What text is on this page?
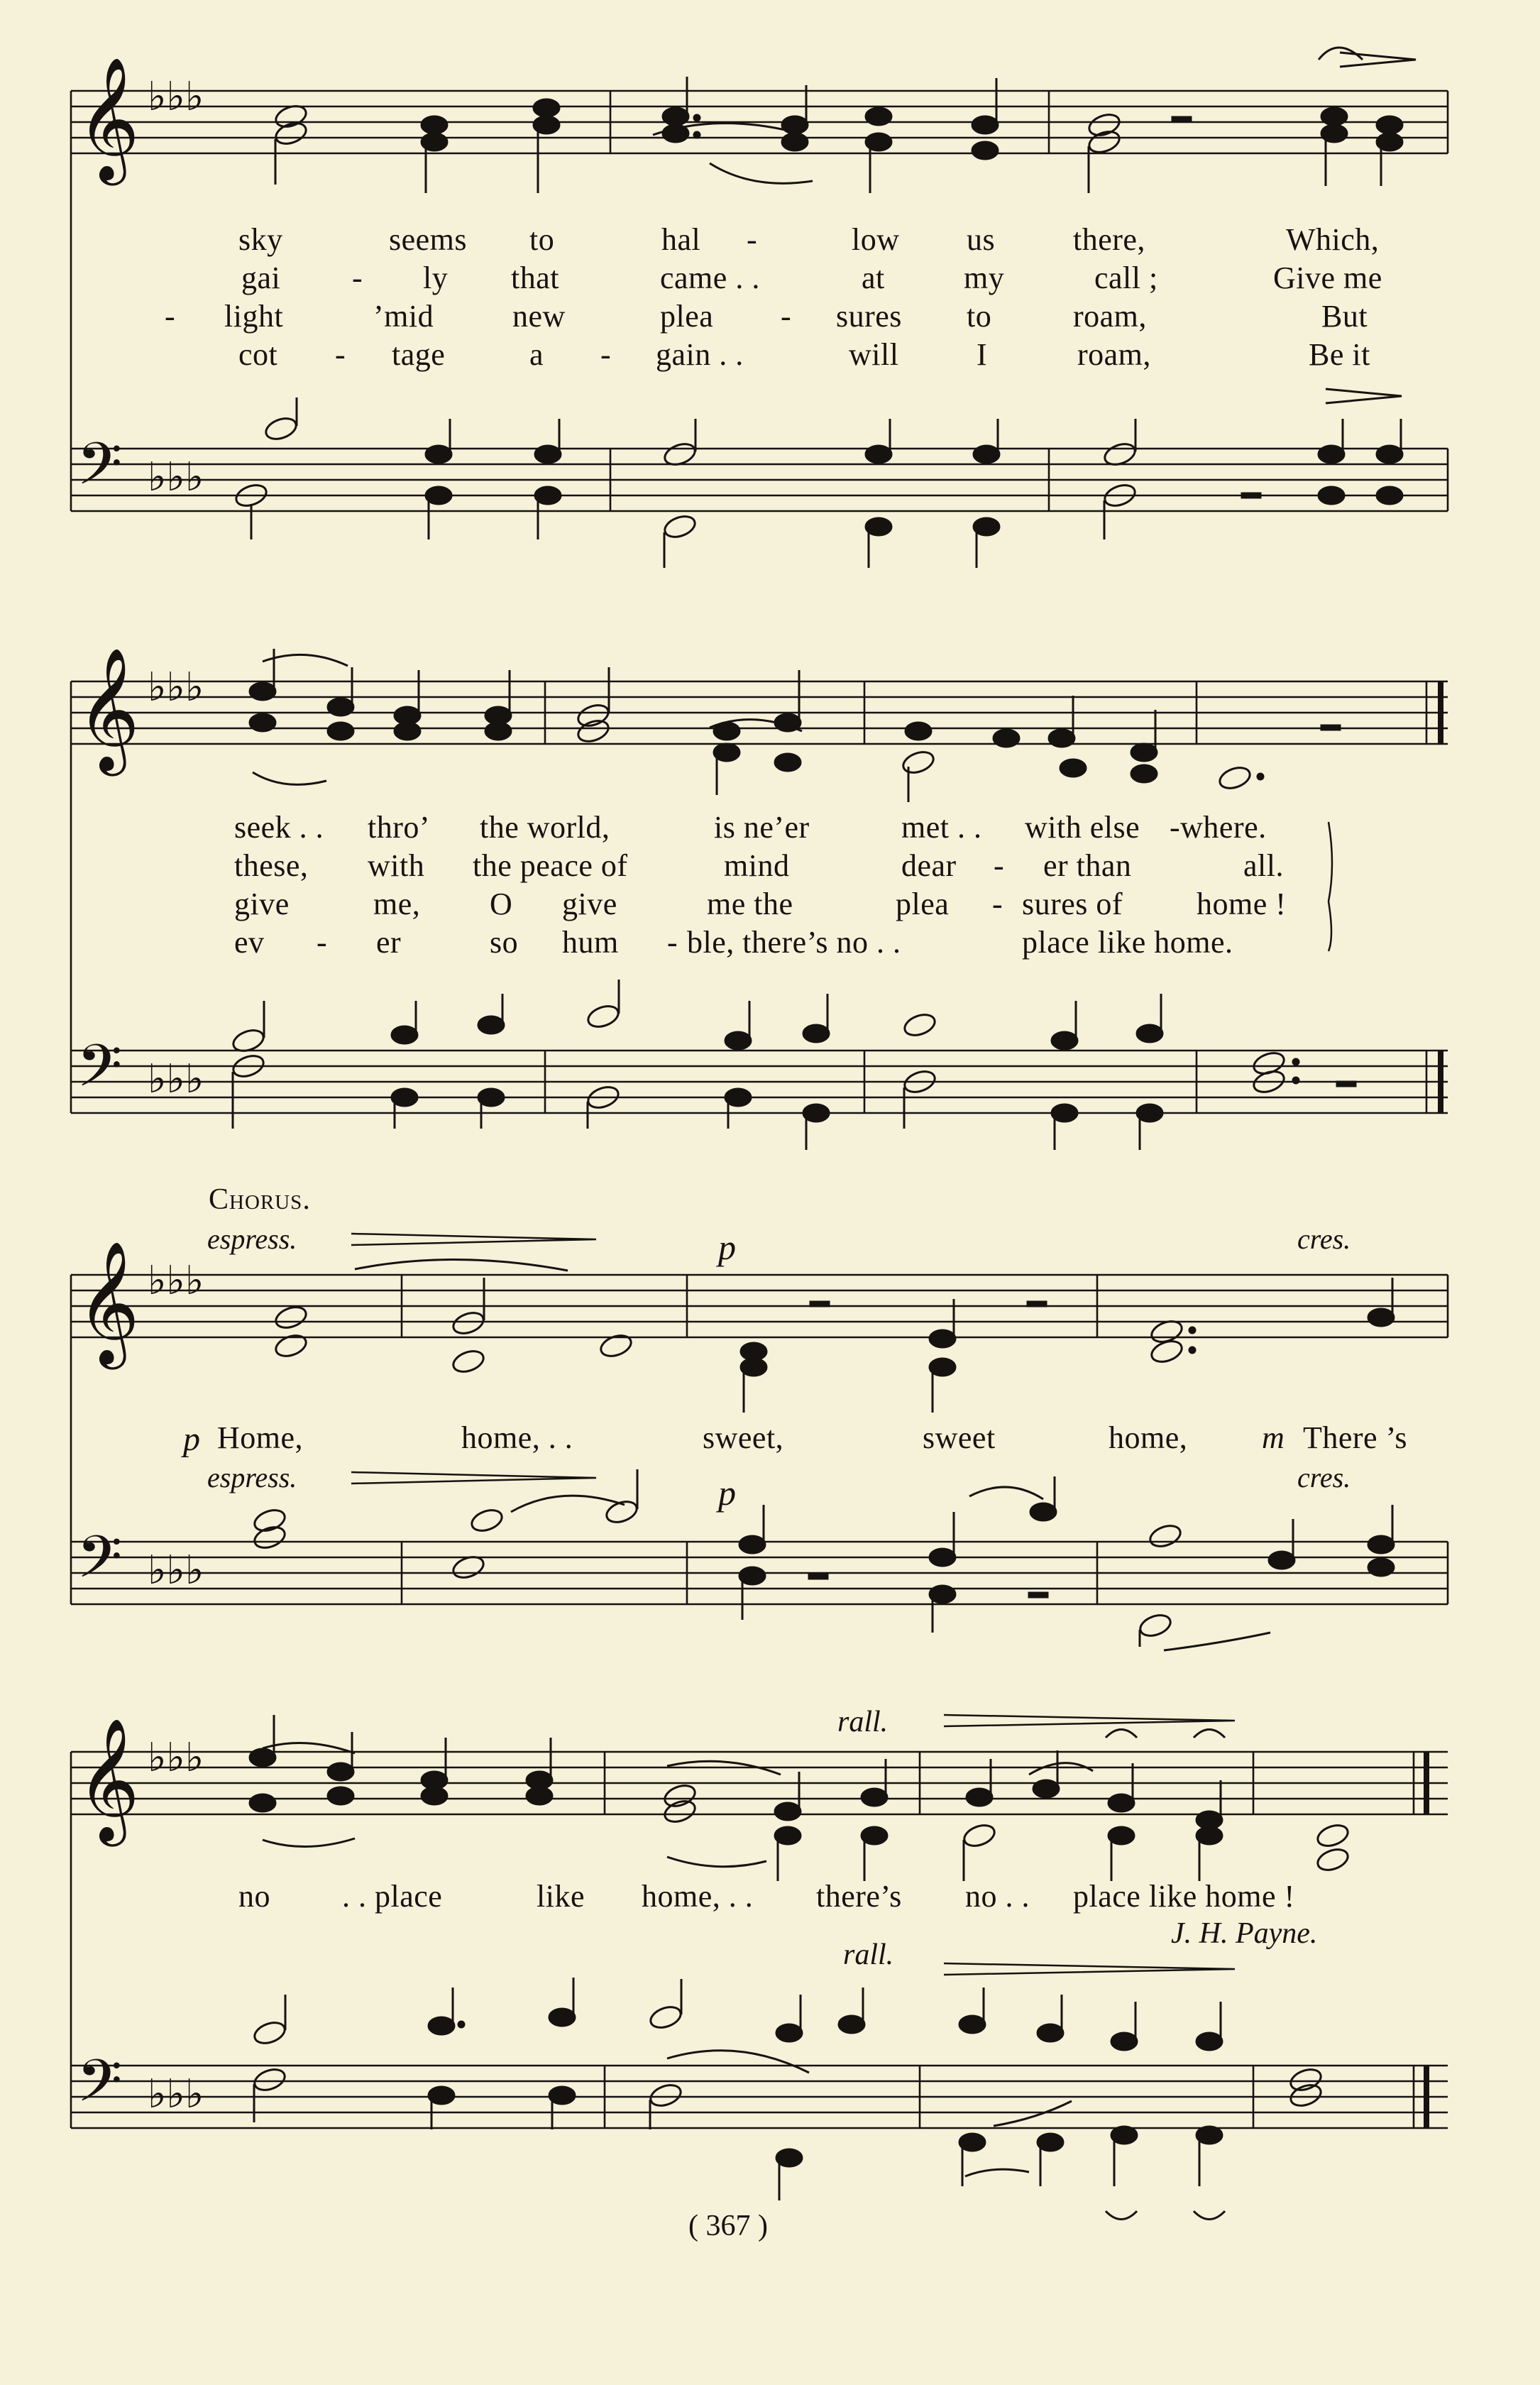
𝄞
𝄢
𝄞
𝄢
𝄞
𝄢
𝄞
𝄢
♭♭♭
♭♭♭
♭♭♭
♭♭♭
♭♭♭
♭♭♭
♭♭♭
♭♭♭
sky	seems to	hal -	low us there,	Which,
gai - ly that	came . .	at	my	call ;	Give me
- light	’mid	new	plea - sures to	roam,	But
cot - tage	a - gain . .	will I	roam,	Be it
seek . . thro’ the world,	is ne’er	met . . with else -where.
these, with the peace of	mind	dear - er than	all.
give	me, O give	me the	plea - sures of home !
ev - er	so hum - ble, there’s no . .	place like home.
Chorus.
espress.	p	cres.
p Home,	home, . .	sweet,	sweet	home, m There ’s
espress.	p	cres.
rall.
no . . place	like home, . . there’s no . . place like home !
J. H. Payne.
rall.
( 367 )
